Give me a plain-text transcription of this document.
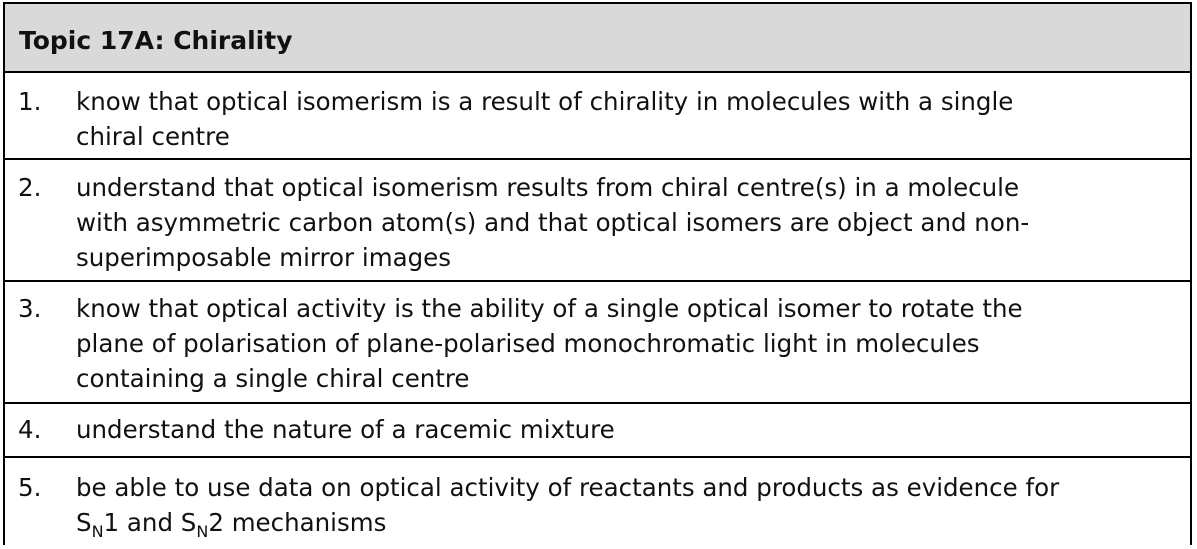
Topic 17A: Chirality
1.	know that optical isomerism is a result of chirality in molecules with a single
chiral centre
2.	understand that optical isomerism results from chiral centre(s) in a molecule
with asymmetric carbon atom(s) and that optical isomers are object and non-
superimposable mirror images
3.	know that optical activity is the ability of a single optical isomer to rotate the
plane of polarisation of plane-polarised monochromatic light in molecules
containing a single chiral centre
4.	understand the nature of a racemic mixture
5.	be able to use data on optical activity of reactants and products as evidence for
$S_N1$ and $S_N2$ mechanisms
